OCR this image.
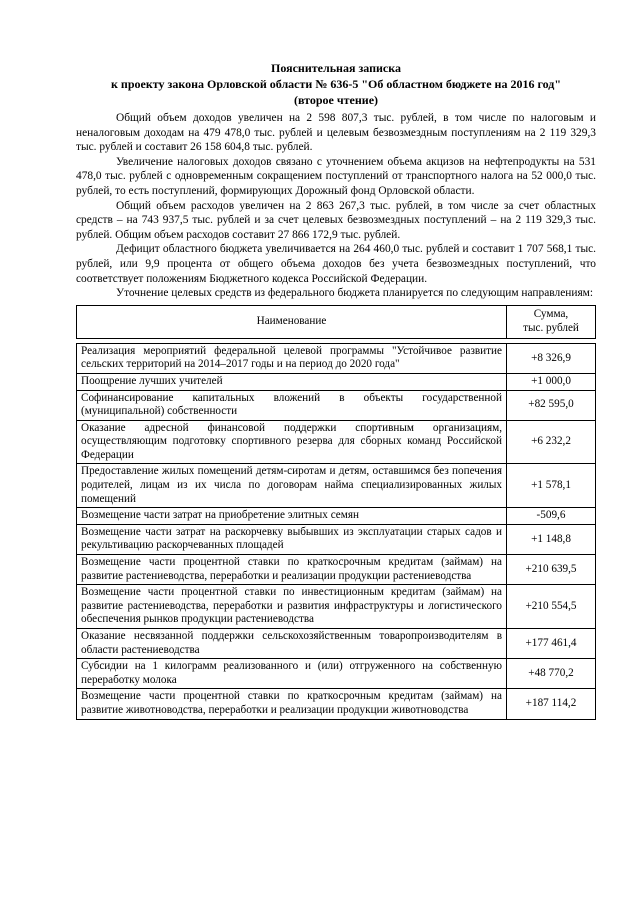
Пояснительная записка
к проекту закона Орловской области № 636-5 "Об областном бюджете на 2016 год"
(второе чтение)

Общий объем доходов увеличен на 2 598 807,3 тыс. рублей, в том числе по налоговым и неналоговым доходам на 479 478,0 тыс. рублей и целевым безвозмездным поступлениям на 2 119 329,3 тыс. рублей и составит 26 158 604,8 тыс. рублей.

Увеличение налоговых доходов связано с уточнением объема акцизов на нефтепродукты на 531 478,0 тыс. рублей с одновременным сокращением поступлений от транспортного налога на 52 000,0 тыс. рублей, то есть поступлений, формирующих Дорожный фонд Орловской области.

Общий объем расходов увеличен на 2 863 267,3 тыс. рублей, в том числе за счет областных средств – на 743 937,5 тыс. рублей и за счет целевых безвозмездных поступлений – на 2 119 329,3 тыс. рублей. Общим объем расходов составит 27 866 172,9 тыс. рублей.

Дефицит областного бюджета увеличивается на 264 460,0 тыс. рублей и составит 1 707 568,1 тыс. рублей, или 9,9 процента от общего объема доходов без учета безвозмездных поступлений, что соответствует положениям Бюджетного кодекса Российской Федерации.

Уточнение целевых средств из федерального бюджета планируется по следующим направлениям:

Наименование	Сумма,
тыс. рублей

Реализация мероприятий федеральной целевой программы "Устойчивое развитие сельских территорий на 2014–2017 годы и на период до 2020 года"	+8 326,9
Поощрение лучших учителей	+1 000,0
Софинансирование капитальных вложений в объекты государственной (муниципальной) собственности	+82 595,0
Оказание адресной финансовой поддержки спортивным организациям, осуществляющим подготовку спортивного резерва для сборных команд Российской Федерации	+6 232,2
Предоставление жилых помещений детям-сиротам и детям, оставшимся без попечения родителей, лицам из их числа по договорам найма специализированных жилых помещений	+1 578,1
Возмещение части затрат на приобретение элитных семян	-509,6
Возмещение части затрат на раскорчевку выбывших из эксплуатации старых садов и рекультивацию раскорчеванных площадей	+1 148,8
Возмещение части процентной ставки по краткосрочным кредитам (займам) на развитие растениеводства, переработки и реализации продукции растениеводства	+210 639,5
Возмещение части процентной ставки по инвестиционным кредитам (займам) на развитие растениеводства, переработки и развития инфраструктуры и логистического обеспечения рынков продукции растениеводства	+210 554,5
Оказание несвязанной поддержки сельскохозяйственным товаропроизводителям в области растениеводства	+177 461,4
Субсидии на 1 килограмм реализованного и (или) отгруженного на собственную переработку молока	+48 770,2
Возмещение части процентной ставки по краткосрочным кредитам (займам) на развитие животноводства, переработки и реализации продукции животноводства	+187 114,2
